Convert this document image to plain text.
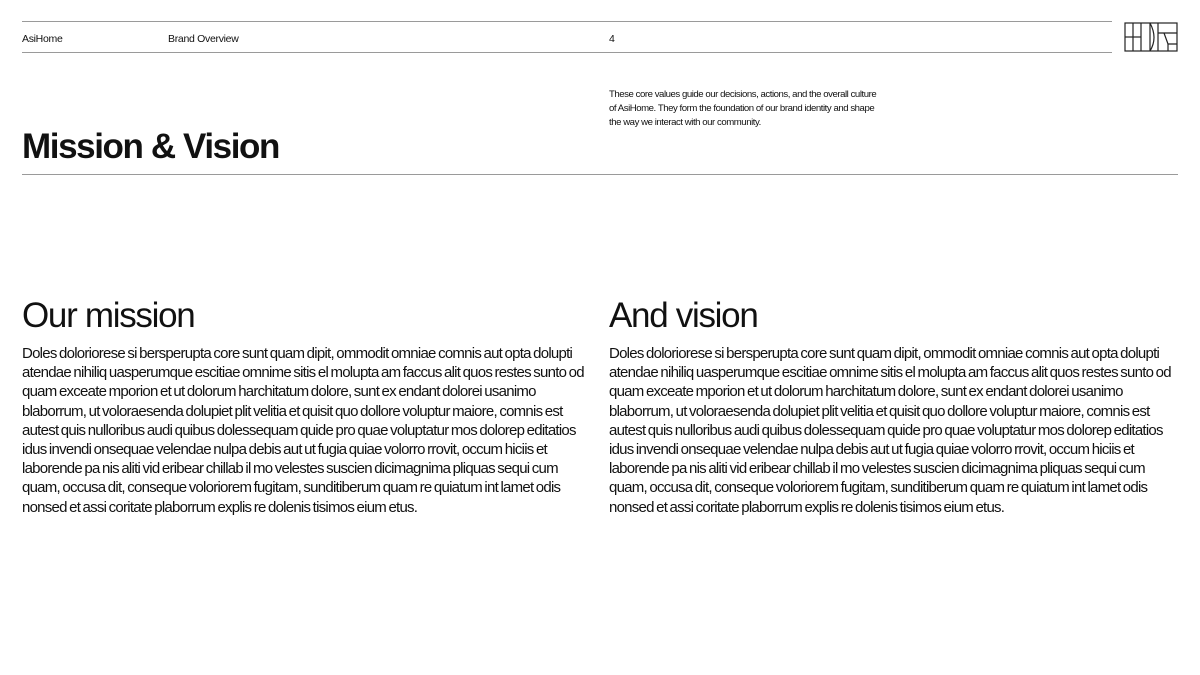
AsiHome	Brand Overview	4
Mission & Vision

These core values guide our decisions, actions, and the overall culture of AsiHome. They form the foundation of our brand identity and shape the way we interact with our community.

Our mission

Doles doloriorese si bersperupta core sunt quam dipit, ommodit omniae comnis aut opta dolupti atendae nihiliq uasperumque escitiae omnime sitis el molupta am faccus alit quos restes sunto od quam exceate mporion et ut dolorum harchitatum dolore, sunt ex endant dolorei usanimo blaborrum, ut voloraesenda dolupiet plit velitia et quisit quo dollore voluptur maiore, comnis est autest quis nulloribus audi quibus dolessequam quide pro quae voluptatur mos dolorep editatios idus invendi onsequae velendae nulpa debis aut ut fugia quiae volorro rrovit, occum hiciis et laborende pa nis aliti vid eribear chillab il mo velestes suscien dicimagnima pliquas sequi cum quam, occusa dit, conseque voloriorem fugitam, sunditiberum quam re quiatum int lamet odis nonsed et assi coritate plaborrum explis re dolenis tisimos eium etus.

And vision

Doles doloriorese si bersperupta core sunt quam dipit, ommodit omniae comnis aut opta dolupti atendae nihiliq uasperumque escitiae omnime sitis el molupta am faccus alit quos restes sunto od quam exceate mporion et ut dolorum harchitatum dolore, sunt ex endant dolorei usanimo blaborrum, ut voloraesenda dolupiet plit velitia et quisit quo dollore voluptur maiore, comnis est autest quis nulloribus audi quibus dolessequam quide pro quae voluptatur mos dolorep editatios idus invendi onsequae velendae nulpa debis aut ut fugia quiae volorro rrovit, occum hiciis et laborende pa nis aliti vid eribear chillab il mo velestes suscien dicimagnima pliquas sequi cum quam, occusa dit, conseque voloriorem fugitam, sunditiberum quam re quiatum int lamet odis nonsed et assi coritate plaborrum explis re dolenis tisimos eium etus.
